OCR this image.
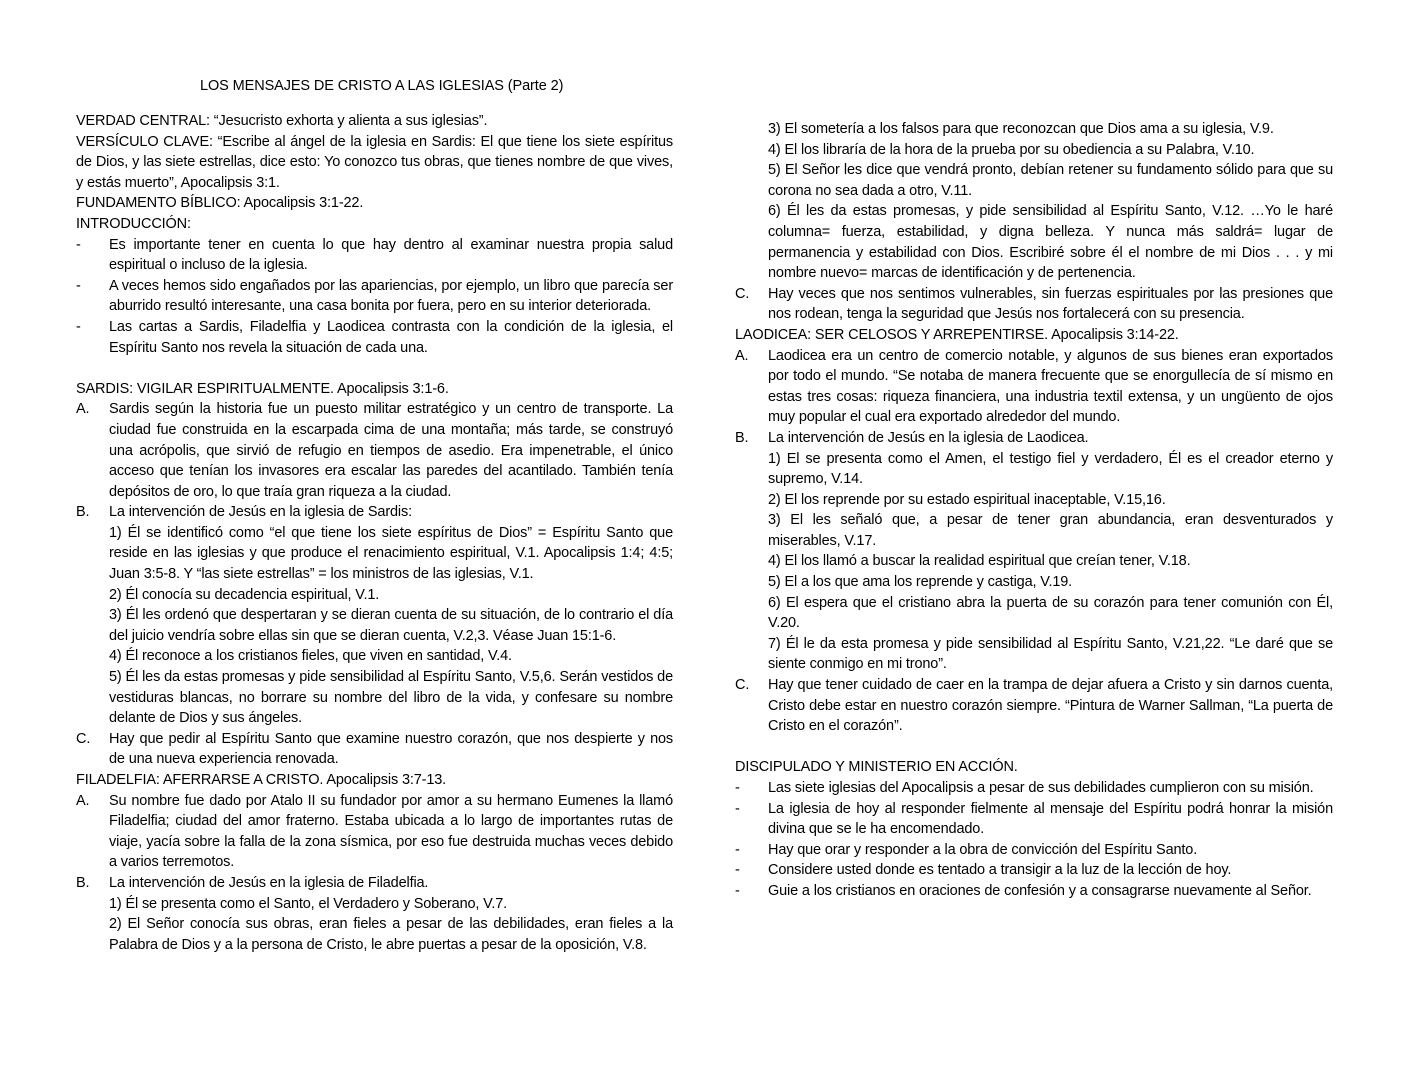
LOS MENSAJES DE CRISTO A LAS IGLESIAS (Parte 2)
VERDAD CENTRAL: “Jesucristo exhorta y alienta a sus iglesias”.
VERSÍCULO CLAVE: “Escribe al ángel de la iglesia en Sardis: El que tiene los siete espíritus de Dios, y las siete estrellas, dice esto: Yo conozco tus obras, que tienes nombre de que vives, y estás muerto”, Apocalipsis 3:1.
FUNDAMENTO BÍBLICO: Apocalipsis 3:1-22.
INTRODUCCIÓN:
-	Es importante tener en cuenta lo que hay dentro al examinar nuestra propia salud espiritual o incluso de la iglesia.
-	A veces hemos sido engañados por las apariencias, por ejemplo, un libro que parecía ser aburrido resultó interesante, una casa bonita por fuera, pero en su interior deteriorada.
-	Las cartas a Sardis, Filadelfia y Laodicea contrasta con la condición de la iglesia, el Espíritu Santo nos revela la situación de cada una.
SARDIS: VIGILAR ESPIRITUALMENTE. Apocalipsis 3:1-6.
A.	Sardis según la historia fue un puesto militar estratégico y un centro de transporte. La ciudad fue construida en la escarpada cima de una montaña; más tarde, se construyó una acrópolis, que sirvió de refugio en tiempos de asedio. Era impenetrable, el único acceso que tenían los invasores era escalar las paredes del acantilado. También tenía depósitos de oro, lo que traía gran riqueza a la ciudad.
B.	La intervención de Jesús en la iglesia de Sardis:
1) Él se identificó como “el que tiene los siete espíritus de Dios” = Espíritu Santo que reside en las iglesias y que produce el renacimiento espiritual, V.1. Apocalipsis 1:4; 4:5; Juan 3:5-8. Y “las siete estrellas” = los ministros de las iglesias, V.1.
2) Él conocía su decadencia espiritual, V.1.
3) Él les ordenó que despertaran y se dieran cuenta de su situación, de lo contrario el día del juicio vendría sobre ellas sin que se dieran cuenta, V.2,3. Véase Juan 15:1-6.
4) Él reconoce a los cristianos fieles, que viven en santidad, V.4.
5) Él les da estas promesas y pide sensibilidad al Espíritu Santo, V.5,6. Serán vestidos de vestiduras blancas, no borrare su nombre del libro de la vida, y confesare su nombre delante de Dios y sus ángeles.
C.	Hay que pedir al Espíritu Santo que examine nuestro corazón, que nos despierte y nos de una nueva experiencia renovada.
FILADELFIA: AFERRARSE A CRISTO. Apocalipsis 3:7-13.
A.	Su nombre fue dado por Atalo II su fundador por amor a su hermano Eumenes la llamó Filadelfia; ciudad del amor fraterno. Estaba ubicada a lo largo de importantes rutas de viaje, yacía sobre la falla de la zona sísmica, por eso fue destruida muchas veces debido a varios terremotos.
B.	La intervención de Jesús en la iglesia de Filadelfia.
1) Él se presenta como el Santo, el Verdadero y Soberano, V.7.
2) El Señor conocía sus obras, eran fieles a pesar de las debilidades, eran fieles a la Palabra de Dios y a la persona de Cristo, le abre puertas a pesar de la oposición, V.8.
3) El sometería a los falsos para que reconozcan que Dios ama a su iglesia, V.9.
4) El los libraría de la hora de la prueba por su obediencia a su Palabra, V.10.
5) El Señor les dice que vendrá pronto, debían retener su fundamento sólido para que su corona no sea dada a otro, V.11.
6) Él les da estas promesas, y pide sensibilidad al Espíritu Santo, V.12. …Yo le haré columna= fuerza, estabilidad, y digna belleza. Y nunca más saldrá= lugar de permanencia y estabilidad con Dios. Escribiré sobre él el nombre de mi Dios . . . y mi nombre nuevo= marcas de identificación y de pertenencia.
C.	Hay veces que nos sentimos vulnerables, sin fuerzas espirituales por las presiones que nos rodean, tenga la seguridad que Jesús nos fortalecerá con su presencia.
LAODICEA: SER CELOSOS Y ARREPENTIRSE. Apocalipsis 3:14-22.
A.	Laodicea era un centro de comercio notable, y algunos de sus bienes eran exportados por todo el mundo. “Se notaba de manera frecuente que se enorgullecía de sí mismo en estas tres cosas: riqueza financiera, una industria textil extensa, y un ungüento de ojos muy popular el cual era exportado alrededor del mundo.
B.	La intervención de Jesús en la iglesia de Laodicea.
1) El se presenta como el Amen, el testigo fiel y verdadero, Él es el creador eterno y supremo, V.14.
2) El los reprende por su estado espiritual inaceptable, V.15,16.
3) El les señaló que, a pesar de tener gran abundancia, eran desventurados y miserables, V.17.
4) El los llamó a buscar la realidad espiritual que creían tener, V.18.
5) El a los que ama los reprende y castiga, V.19.
6) El espera que el cristiano abra la puerta de su corazón para tener comunión con Él, V.20.
7) Él le da esta promesa y pide sensibilidad al Espíritu Santo, V.21,22. “Le daré que se siente conmigo en mi trono”.
C.	Hay que tener cuidado de caer en la trampa de dejar afuera a Cristo y sin darnos cuenta, Cristo debe estar en nuestro corazón siempre. “Pintura de Warner Sallman, “La puerta de Cristo en el corazón”.
DISCIPULADO Y MINISTERIO EN ACCIÓN.
-	Las siete iglesias del Apocalipsis a pesar de sus debilidades cumplieron con su misión.
-	La iglesia de hoy al responder fielmente al mensaje del Espíritu podrá honrar la misión divina que se le ha encomendado.
-	Hay que orar y responder a la obra de convicción del Espíritu Santo.
-	Considere usted donde es tentado a transigir a la luz de la lección de hoy.
-	Guie a los cristianos en oraciones de confesión y a consagrarse nuevamente al Señor.
